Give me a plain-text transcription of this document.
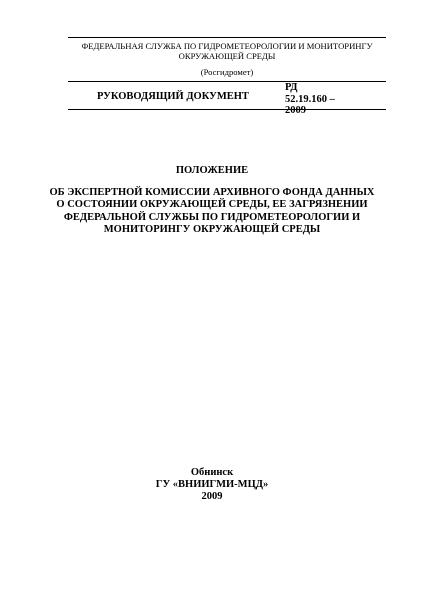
ФЕДЕРАЛЬНАЯ СЛУЖБА ПО ГИДРОМЕТЕОРОЛОГИИ И МОНИТОРИНГУ
ОКРУЖАЮЩЕЙ СРЕДЫ
(Росгидромет)
РУКОВОДЯЩИЙ ДОКУМЕНТ
РД
52.19.160 –
2009
ПОЛОЖЕНИЕ
ОБ ЭКСПЕРТНОЙ КОМИССИИ АРХИВНОГО ФОНДА ДАННЫХ
О СОСТОЯНИИ ОКРУЖАЮЩЕЙ СРЕДЫ, ЕЕ ЗАГРЯЗНЕНИИ
ФЕДЕРАЛЬНОЙ СЛУЖБЫ ПО ГИДРОМЕТЕОРОЛОГИИ И
МОНИТОРИНГУ ОКРУЖАЮЩЕЙ СРЕДЫ
Обнинск
ГУ «ВНИИГМИ-МЦД»
2009
